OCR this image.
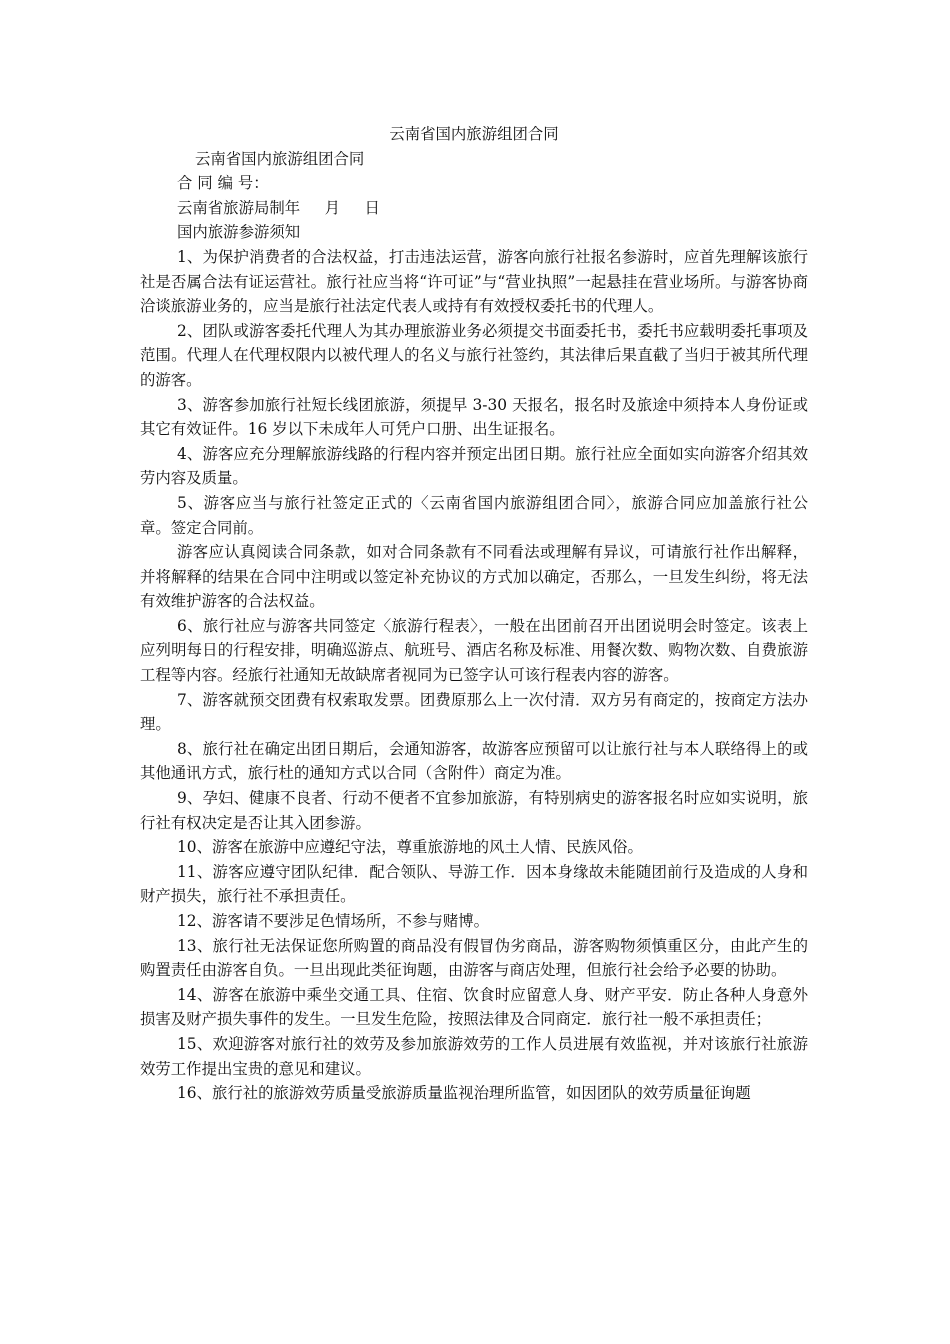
云南省国内旅游组团合同

云南省国内旅游组团合同

合 同 编 号：

云南省旅游局制年     月     日

国内旅游参游须知

1、为保护消费者的合法权益，打击违法运营，游客向旅行社报名参游时，应首先理解该旅行社是否属合法有证运营社。旅行社应当将“许可证”与“营业执照”一起悬挂在营业场所。与游客协商洽谈旅游业务的，应当是旅行社法定代表人或持有有效授权委托书的代理人。

2、团队或游客委托代理人为其办理旅游业务必须提交书面委托书，委托书应载明委托事项及范围。代理人在代理权限内以被代理人的名义与旅行社签约，其法律后果直截了当归于被其所代理的游客。

3、游客参加旅行社短长线团旅游，须提早 3-30 天报名，报名时及旅途中须持本人身份证或其它有效证件。16 岁以下未成年人可凭户口册、出生证报名。

4、游客应充分理解旅游线路的行程内容并预定出团日期。旅行社应全面如实向游客介绍其效劳内容及质量。

5、游客应当与旅行社签定正式的〈云南省国内旅游组团合同〉，旅游合同应加盖旅行社公章。签定合同前。

游客应认真阅读合同条款，如对合同条款有不同看法或理解有异议，可请旅行社作出解释，并将解释的结果在合同中注明或以签定补充协议的方式加以确定，否那么，一旦发生纠纷，将无法有效维护游客的合法权益。

6、旅行社应与游客共同签定〈旅游行程表〉，一般在出团前召开出团说明会时签定。该表上应列明每日的行程安排，明确巡游点、航班号、酒店名称及标准、用餐次数、购物次数、自费旅游工程等内容。经旅行社通知无故缺席者视同为已签字认可该行程表内容的游客。

7、游客就预交团费有权索取发票。团费原那么上一次付清．双方另有商定的，按商定方法办理。

8、旅行社在确定出团日期后，会通知游客，故游客应预留可以让旅行社与本人联络得上的或其他通讯方式，旅行杜的通知方式以合同（含附件）商定为准。

9、孕妇、健康不良者、行动不便者不宜参加旅游，有特别病史的游客报名时应如实说明，旅行社有权决定是否让其入团参游。

10、游客在旅游中应遵纪守法，尊重旅游地的风土人情、民族风俗。

11、游客应遵守团队纪律．配合领队、导游工作．因本身缘故未能随团前行及造成的人身和财产损失，旅行社不承担责任。

12、游客请不要涉足色情场所，不参与赌博。

13、旅行社无法保证您所购置的商品没有假冒伪劣商品，游客购物须慎重区分，由此产生的购置责任由游客自负。一旦出现此类征询题，由游客与商店处理，但旅行社会给予必要的协助。

14、游客在旅游中乘坐交通工具、住宿、饮食时应留意人身、财产平安．防止各种人身意外损害及财产损失事件的发生。一旦发生危险，按照法律及合同商定．旅行社一般不承担责任；

15、欢迎游客对旅行社的效劳及参加旅游效劳的工作人员进展有效监视，并对该旅行社旅游效劳工作提出宝贵的意见和建议。

16、旅行社的旅游效劳质量受旅游质量监视治理所监管，如因团队的效劳质量征询题
